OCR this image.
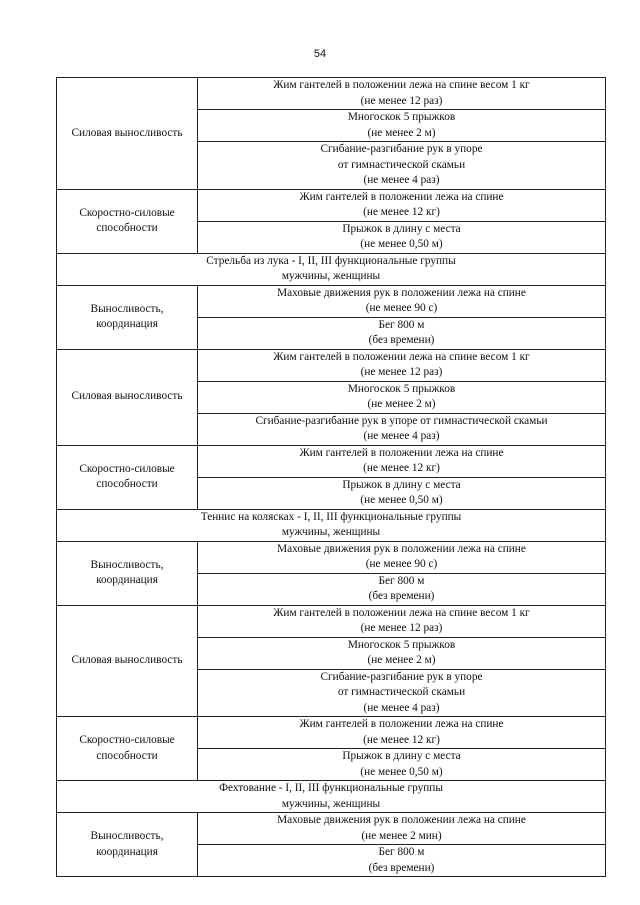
54
Силовая выносливость	Жим гантелей в положении лежа на спине весом 1 кг
(не менее 12 раз)

	Многоскок 5 прыжков
(не менее 2 м)

	Сгибание-разгибание рук в упоре
от гимнастической скамьи
(не менее 4 раз)

Скоростно-силовые
способности	Жим гантелей в положении лежа на спине
(не менее 12 кг)

	Прыжок в длину с места
(не менее 0,50 м)

Стрельба из лука - I, II, III функциональные группы
мужчины, женщины	

Выносливость,
координация	Маховые движения рук в положении лежа на спине
(не менее 90 с)

	Бег 800 м
(без времени)

Силовая выносливость	Жим гантелей в положении лежа на спине весом 1 кг
(не менее 12 раз)

	Многоскок 5 прыжков
(не менее 2 м)

	Сгибание-разгибание рук в упоре от гимнастической скамьи
(не менее 4 раз)

Скоростно-силовые
способности	Жим гантелей в положении лежа на спине
(не менее 12 кг)

	Прыжок в длину с места
(не менее 0,50 м)

Теннис на колясках - I, II, III функциональные группы
мужчины, женщины	

Выносливость,
координация	Маховые движения рук в положении лежа на спине
(не менее 90 с)

	Бег 800 м
(без времени)

Силовая выносливость	Жим гантелей в положении лежа на спине весом 1 кг
(не менее 12 раз)

	Многоскок 5 прыжков
(не менее 2 м)

	Сгибание-разгибание рук в упоре
от гимнастической скамьи
(не менее 4 раз)

Скоростно-силовые
способности	Жим гантелей в положении лежа на спине
(не менее 12 кг)

	Прыжок в длину с места
(не менее 0,50 м)

Фехтование - I, II, III функциональные группы
мужчины, женщины	

Выносливость,
координация	Маховые движения рук в положении лежа на спине
(не менее 2 мин)

	Бег 800 м
(без времени)
